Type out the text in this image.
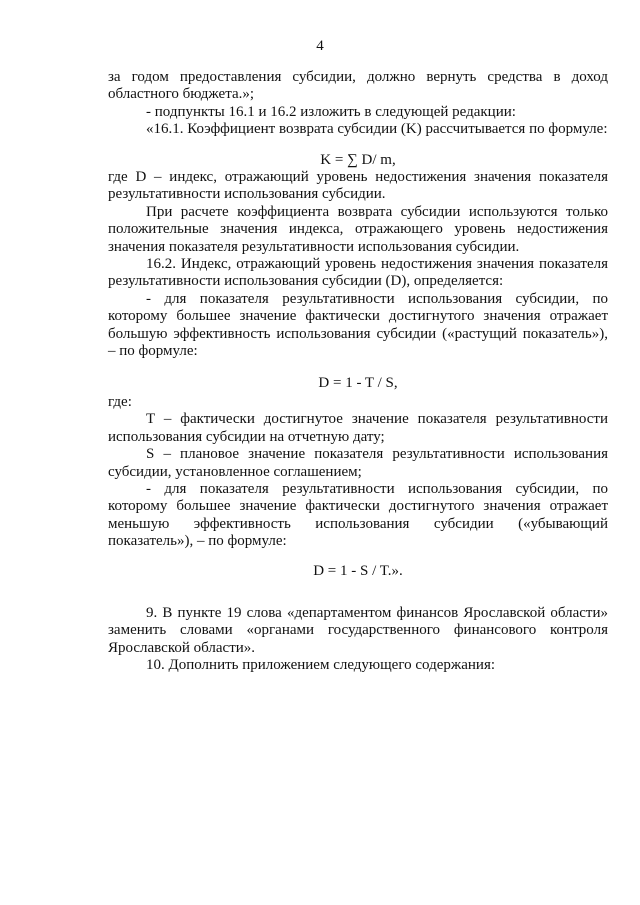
4

за годом предоставления субсидии, должно вернуть средства в доход областного бюджета.»;

- подпункты 16.1 и 16.2 изложить в следующей редакции:

«16.1. Коэффициент возврата субсидии (K) рассчитывается по формуле:

K = ∑ D/ m,

где D – индекс, отражающий уровень недостижения значения показателя результативности использования субсидии.

При расчете коэффициента возврата субсидии используются только положительные значения индекса, отражающего уровень недостижения значения показателя результативности использования субсидии.

16.2. Индекс, отражающий уровень недостижения значения показателя результативности использования субсидии (D), определяется:

- для показателя результативности использования субсидии, по которому большее значение фактически достигнутого значения отражает большую эффективность использования субсидии («растущий показатель»), – по формуле:

D = 1 - T / S,

где:

T – фактически достигнутое значение показателя результативности использования субсидии на отчетную дату;

S – плановое значение показателя результативности использования субсидии, установленное соглашением;

- для показателя результативности использования субсидии, по которому большее значение фактически достигнутого значения отражает меньшую эффективность использования субсидии («убывающий показатель»), – по формуле:

D = 1 - S / T.».

9. В пункте 19 слова «департаментом финансов Ярославской области» заменить словами «органами государственного финансового контроля Ярославской области».

10. Дополнить приложением следующего содержания:
